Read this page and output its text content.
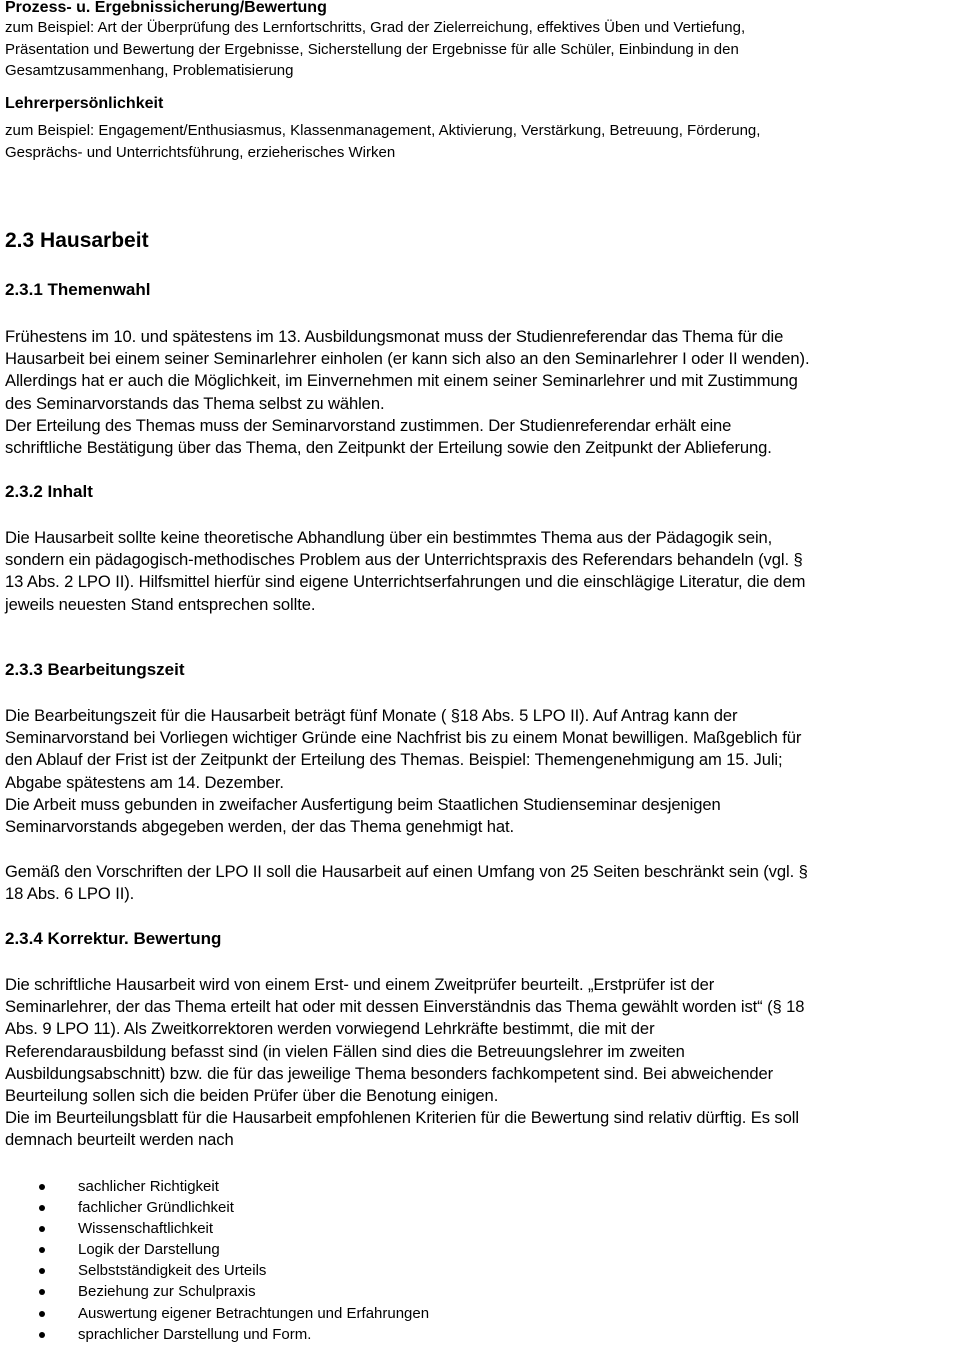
Prozess- u. Ergebnissicherung/Bewertung
zum Beispiel: Art der Überprüfung des Lernfortschritts, Grad der Zielerreichung, effektives Üben und Vertiefung,
Präsentation und Bewertung der Ergebnisse, Sicherstellung der Ergebnisse für alle Schüler, Einbindung in den
Gesamtzusammenhang, Problematisierung
Lehrerpersönlichkeit
zum Beispiel: Engagement/Enthusiasmus, Klassenmanagement, Aktivierung, Verstärkung, Betreuung, Förderung,
Gesprächs- und Unterrichtsführung, erzieherisches Wirken
2.3 Hausarbeit
2.3.1 Themenwahl
Frühestens im 10. und spätestens im 13. Ausbildungsmonat muss der Studienreferendar das Thema für die
Hausarbeit bei einem seiner Seminarlehrer einholen (er kann sich also an den Seminarlehrer I oder II wenden).
Allerdings hat er auch die Möglichkeit, im Einvernehmen mit einem seiner Seminarlehrer und mit Zustimmung
des Seminarvorstands das Thema selbst zu wählen.
Der Erteilung des Themas muss der Seminarvorstand zustimmen. Der Studienreferendar erhält eine
schriftliche Bestätigung über das Thema, den Zeitpunkt der Erteilung sowie den Zeitpunkt der Ablieferung.
2.3.2 Inhalt
Die Hausarbeit sollte keine theoretische Abhandlung über ein bestimmtes Thema aus der Pädagogik sein,
sondern ein pädagogisch-methodisches Problem aus der Unterrichtspraxis des Referendars behandeln (vgl. §
13 Abs. 2 LPO II). Hilfsmittel hierfür sind eigene Unterrichtserfahrungen und die einschlägige Literatur, die dem
jeweils neuesten Stand entsprechen sollte.
2.3.3 Bearbeitungszeit
Die Bearbeitungszeit für die Hausarbeit beträgt fünf Monate ( §18 Abs. 5 LPO II). Auf Antrag kann der
Seminarvorstand bei Vorliegen wichtiger Gründe eine Nachfrist bis zu einem Monat bewilligen. Maßgeblich für
den Ablauf der Frist ist der Zeitpunkt der Erteilung des Themas. Beispiel: Themengenehmigung am 15. Juli;
Abgabe spätestens am 14. Dezember.
Die Arbeit muss gebunden in zweifacher Ausfertigung beim Staatlichen Studienseminar desjenigen
Seminarvorstands abgegeben werden, der das Thema genehmigt hat.
Gemäß den Vorschriften der LPO II soll die Hausarbeit auf einen Umfang von 25 Seiten beschränkt sein (vgl. §
18 Abs. 6 LPO II).
2.3.4 Korrektur. Bewertung
Die schriftliche Hausarbeit wird von einem Erst- und einem Zweitprüfer beurteilt. „Erstprüfer ist der
Seminarlehrer, der das Thema erteilt hat oder mit dessen Einverständnis das Thema gewählt worden ist“ (§ 18
Abs. 9 LPO 11). Als Zweitkorrektoren werden vorwiegend Lehrkräfte bestimmt, die mit der
Referendarausbildung befasst sind (in vielen Fällen sind dies die Betreuungslehrer im zweiten
Ausbildungsabschnitt) bzw. die für das jeweilige Thema besonders fachkompetent sind. Bei abweichender
Beurteilung sollen sich die beiden Prüfer über die Benotung einigen.
Die im Beurteilungsblatt für die Hausarbeit empfohlenen Kriterien für die Bewertung sind relativ dürftig. Es soll
demnach beurteilt werden nach
sachlicher Richtigkeit
fachlicher Gründlichkeit
Wissenschaftlichkeit
Logik der Darstellung
Selbstständigkeit des Urteils
Beziehung zur Schulpraxis
Auswertung eigener Betrachtungen und Erfahrungen
sprachlicher Darstellung und Form.
